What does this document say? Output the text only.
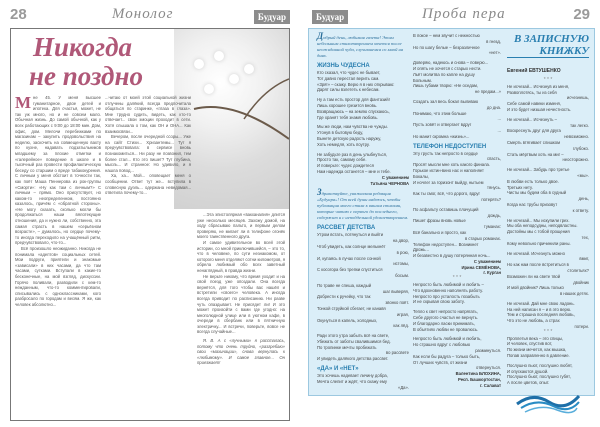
28	Монолог	Будуар
Никогда
не поздно
М не 45. У меня высшее гуманитарное, двое детей и ипотека. Для счастья, может, не так уж много, но и не совсем мало. Обычная жизнь. До самой обычной, как у всех работающих с 9:00 до 18:00 мин. Дом, офис, дом. Мелочи перебежками по магазинам – закупить продовольствия на неделю, заскочить на совмещенную вахту по кухне, надавать подзатыльников младшему за плохие отметки и «галерейное» поведение в школе и в тысячный раз провести профилактическую беседу со старшим о вреде табакокурения. С личным у меня обстоит в точности так, как поёт Маша Пеннерова из рок-группы «Сморти»: «Ну как там с личным?» С личным – прямо. Оно присутствует, но каком-то неопределенном, постоянно казалось, причём с «обратной стороны». «Не могу сказать, сколько могли бы продолжаться наши вялотекущие отношения, да и нужно ли, собственно, эта самая страсть в нашем «серьёзном возрасте», – думалось, но сердце почему-то иногда переходило на учащённый ритм, предчувствовало, что-то...

Всё произошло неожиданно. Никогда не понимала «адептов» социальных сетей. Мои подруги, приятели и знакомые «зависали» в них часами, да что там часами, сутками. Вступали в какие-то бесконечные, на мой взгляд, дискуссии. Горячо поливали, разводили с кем-то нежданным, что-то комментировали, списывались с одноклассниками, кого разбросало по городам и весям. Я же, как человек абсолютно...

...читаю от моей этой социальной жизни отлучены далёкий, всегда предпочитала общаться по старинке, «глаза в глаза». Мне трудно судить, видеть, как кто-то отвечает... свои эмоции проходит в сети. Хотя слышала о том, как ОН и ОНА... Как взаимосвязи...

Вечером, после очередной ссоры... Уже на сайт Стихи... Хризантемы... Тут я предчувствовала: в сервисе вновь познакомиться... Ни разу не позвонил, тем более стал... Кто это пишет? Тут глубина, мысль... И странное: Но удивило, и я нашла повод...

Ха, ха... Мой... оповещает меня о сообщении. Ответ тут же... вступила в словесную дуэль... одержана неведомая... ответила почему-то...

...Эта эпистолярная «вакханалия» длится уже несколько месяцев. Захожу домой, на ходу сбрасываю пальто, и первым делом проверяю, не мигает ли в телефоне огонёк моего таинственного друга.

И самое удивительное во всей этой истории, со мной приключившейся, – это то, что в человеке, по сути незнакомом, от которого меня отделяют сотни километров, я обрела любимый обо всех заветный ненаглядный, в правда жизни.

Не верьте никому, что время уходит и на свой поезд уже опоздали. Она всегда вернётся, для того чтобы вас нашёл и встретили «своего» человека. А иногда всегда приводит по расписанию. Ни разве чуть опаздывает. Не присядет ли! И это может произойти с вами где угодно: на многолюдной улице или в уютном кафе, в очереди в сбербанк или в пятничную электричку... И встречи, поверьте, вовсе не всегда случайные...

Я. В. А с «лучными» я рассталась, потому что очень трудно, «разгребаю» свои «махинации», снова вернулась к «любимому». И самое главное... Он приезжает!

Будуар	Проба пера	29
Добрый день, любимая газета! Этим небольшим стихотворением хочется после неожиданной чуда, случившемся со мной на днях.
ЖИЗНЬ ЧУДЕСНА
Кто сказал, что чудес не бывает,
Тот давно перестал верить сам.
«Зря!» – скажу. Верю я в них открываю:
Дарят силы взлететь к небесам.
Ну а там есть простор для фантазий!
Лишь хорошее грезится вновь.
Возвращаюсь – на землю спускаюсь,
Где хранят тебя знамя любовь.
Мы же люди, нам чувства не чужды.
Утонув в бытовую беду,
Вынете детскую радость наружу,
Хоть немедля, хоть поутру.
Не забудьте раз в день улыбнуться,
Просто так, самому себе.
И поверьте: чудес дождетеся
Нам надежда останется – мне и тебе.
С уважением
Татьяна ЧЕРНОВА
Здравствуйте, уважаемая редакция «Будуара»! От всей души надеюсь, чтобы публикация моего стиха к вашим стихами, которые читаю с первого до последнего, содержит и с неподдельной удовлетворением.
РАССВЕТ ДЕТСТВА
Утром встать, потянуться и выйти
на двор,
Чтоб увидеть, как солнце мелькнёт
в рою,
И, купаясь в лучах после сонной
истомы,
С косогора без трепки спуститься
босым.
По траве не спеша, каждый
шаг выверяя,
Добрести к ручейку, что так
звонко поёт.
Тонкой струйкой сбегает, не канавя
играя,
Окунуться в капель, холодных,
как лёд.
Ради этого утра забыть всё на свете,
Убежать от заботы свалившимся бед.
По тропинке мечты пробежать
во рассвете
И увидеть далёкого детства рассвет.
«ДА» И «НЕТ»
Это хочешь надевает личину добра,
Мечта слепит и ждёт, что скажу ему
«Да».
В покое – нем звучит с нежностью
в гнезд,
Но по шагу белые – безразличное
«нет».
Доверяю, надеюсь и снова – поверю...
И опять не хочется с старых нести.
Льёт молитва по капле на душу
Больным.
Лишь губами творю: «Не оседам,
не предам...»
Создать зал весь бокал выливаю
до дна.
Понимаю, что этим больше
...
Пусть зовёт и отвергает вдруг
...
Но манит скромна «жизнь»...
ТЕЛЕФОН НЕДОСТУПЕН
Эту грусть так непросто в сердце
спасть,
Просят мысли мне хоть какого финала.
Горькое истин-вино нас и наполняет
Бокалы,
И ночлег за горизонт выйду, нытьем
тянусь.
Как ты смог, всё, что дорого, вдруг
потерять?
По асфальту оставишь плачущий
дождь,
Пишет фразы вновь новые
туманах:
Всё банально и просто, как
в старых романах.
Телефон недоступен... Возникнет
Дрожь...
И беззвестно в душу потерянная ночь...
С уважением
Ирина СЕМЁНОВА,
г. Курган
* * *
Непросто быть любимой и любить –
Что вдохновенно наполнять работу.
Непросто про усталость позабыть
И не скрывая свою заботу.
Тепло к свет непросто напрягать,
Себе другого счастья не вернуть.
И благодарно ласки принимать,
В объятиях любви не провалюсь.
Непросто быть любимой и любить,
Но страшно вдруг с любовью
разминуться.
Как если бы радуга – только быть,
От лучших чувств, от жизни
отвернуться.
Валентина БЛОХИНА,
Респ. Башкортостан,
г. Салават
В ЗАПИСНУЮ
КНИЖКУ
Евгений ЕВТУШЕНКО
* * *
Не исчезай... Исчезнув из меня,
Развоплотясь, ты из себя
исчезнешь,
Себе самой навеки изменя,
И это будет низшая нечестность.
Не исчезай... Исчезнуть –
так легко.
Воскреснуть друг для друга
невозможно.
Смерть втягивает слишком
глубоко.
Стать мёртвым хоть на миг –
неосторожно.
Не исчезай... Забудь про третье
«мы».
В любви есть только двое.
Третьих нету.
Чисты мы будем оба в судный
день,
Когда нас трубы призовут
к ответу.
Не исчезай... Мы искупили грех.
Мы оба неподсудны, неподвластны.
Достойны мы с тобой прощения
тех,
Кому невольно причинили раны.
Не исчезай. Исчезнуть можно
вмиг,
Но как нам после встретиться в
столетьях?
Возможен ли на свете твой
двойник
И мой двойник? Лишь только
в наших детях.
Не исчезай. Дай мне свою ладонь.
На ней написан я – и в это верю.
Тем и страшна последняя любовь,
Что это не любовь, а страх
потери.
* * *
Проплетья века – это спицы,
И человек, спустив вот,
По жизни мечется, как мышка,
Попав заправленно в давление.
Послушно пьют, послушно любят,
И опускаются душой.
Послушно бьют, послушно губят,
А после цветов, опыт.
